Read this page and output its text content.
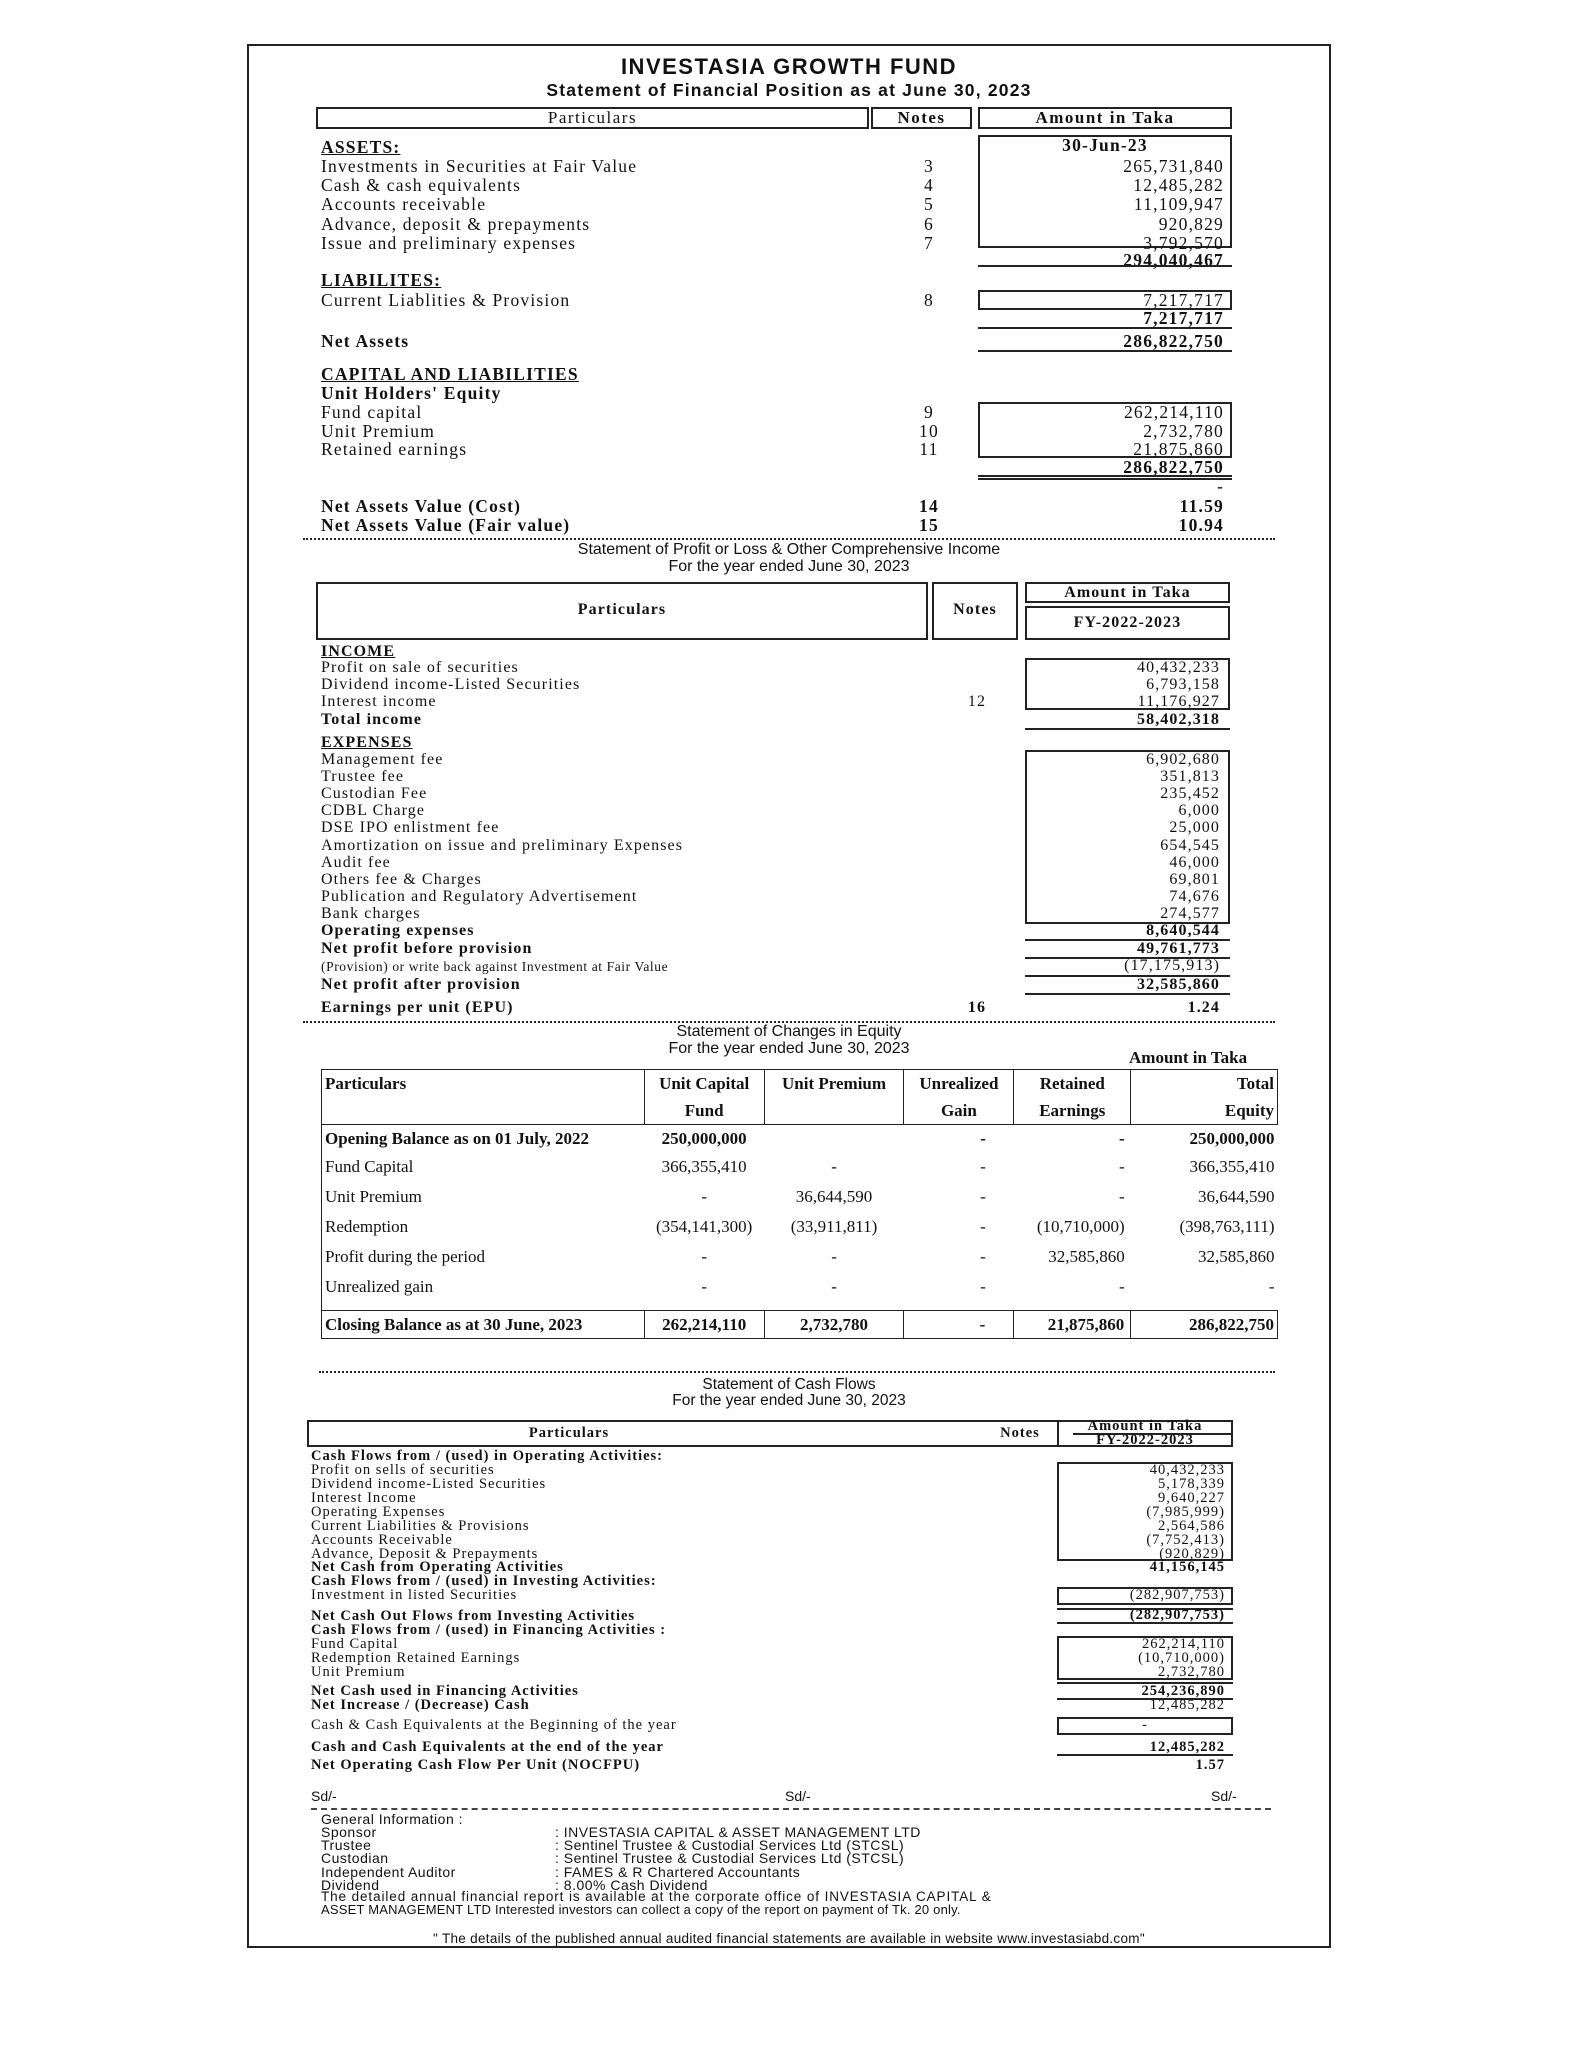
INVESTASIA GROWTH FUND
Statement of Financial Position as at June 30, 2023
Particulars	Notes	Amount in Taka
30-Jun-23
ASSETS:
Investments in Securities at Fair Value	3	265,731,840
Cash & cash equivalents	4	12,485,282
Accounts receivable	5	11,109,947
Advance, deposit & prepayments	6	920,829
Issue and preliminary expenses	7	3,792,570
294,040,467
LIABILITES:
Current Liablities & Provision	8	7,217,717
7,217,717
Net Assets	286,822,750
CAPITAL AND LIABILITIES
Unit Holders' Equity
Fund capital	9	262,214,110
Unit Premium	10	2,732,780
Retained earnings	11	21,875,860
286,822,750
-
Net Assets Value (Cost)	14	11.59
Net Assets Value (Fair value)	15	10.94
Statement of Profit or Loss & Other Comprehensive Income
For the year ended June 30, 2023
Particulars	Notes
Amount in Taka
FY-2022-2023
INCOME
Profit on sale of securities	40,432,233
Dividend income-Listed Securities	6,793,158
Interest income	12	11,176,927
Total income	58,402,318
EXPENSES
Management fee	6,902,680
Trustee fee	351,813
Custodian Fee	235,452
CDBL Charge	6,000
DSE IPO enlistment fee	25,000
Amortization on issue and preliminary Expenses	654,545
Audit fee	46,000
Others fee & Charges	69,801
Publication and Regulatory Advertisement	74,676
Bank charges	274,577
Operating expenses	8,640,544
Net profit before provision	49,761,773
(Provision) or write back against Investment at Fair Value	(17,175,913)
Net profit after provision	32,585,860
Earnings per unit (EPU)	16	1.24
Statement of Changes in Equity
For the year ended June 30, 2023	Amount in Taka
Particulars	Unit Capital	Unit Premium	Unrealized	Retained	Total
	Fund		Gain	Earnings	Equity
Opening Balance as on 01 July, 2022	250,000,000		-	-	250,000,000
Fund Capital	366,355,410	-	-	-	366,355,410
Unit Premium	-	36,644,590	-	-	36,644,590
Redemption	(354,141,300)	(33,911,811)	-	(10,710,000)	(398,763,111)
Profit during the period	-	-	-	32,585,860	32,585,860
Unrealized gain	-	-	-	-	-

Closing Balance as at 30 June, 2023	262,214,110	2,732,780	-	21,875,860	286,822,750
Statement of Cash Flows
For the year ended June 30, 2023
Particulars	Notes	Amount in Taka
FY-2022-2023
Cash Flows from / (used) in Operating Activities:
Profit on sells of securities	40,432,233
Dividend income-Listed Securities	5,178,339
Interest Income	9,640,227
Operating Expenses	(7,985,999)
Current Liabilities & Provisions	2,564,586
Accounts Receivable	(7,752,413)
Advance, Deposit & Prepayments	(920,829)
Net Cash from Operating Activities	41,156,145
Cash Flows from / (used) in Investing Activities:
Investment in listed Securities	(282,907,753)
Net Cash Out Flows from Investing Activities	(282,907,753)
Cash Flows from / (used) in Financing Activities :
Fund Capital	262,214,110
Redemption Retained Earnings	(10,710,000)
Unit Premium	2,732,780
Net Cash used in Financing Activities	254,236,890
Net Increase / (Decrease) Cash	12,485,282
Cash & Cash Equivalents at the Beginning of the year	-
Cash and Cash Equivalents at the end of the year	12,485,282
Net Operating Cash Flow Per Unit (NOCFPU)	1.57
Sd/-	Sd/-	Sd/-
General Information :
Sponsor	: INVESTASIA CAPITAL & ASSET MANAGEMENT LTD
Trustee	: Sentinel Trustee & Custodial Services Ltd (STCSL)
Custodian	: Sentinel Trustee & Custodial Services Ltd (STCSL)
Independent Auditor	: FAMES & R Chartered Accountants
Dividend	: 8.00% Cash Dividend
The detailed annual financial report is available at the corporate office of INVESTASIA CAPITAL &
ASSET MANAGEMENT LTD Interested investors can collect a copy of the report on payment of Tk. 20 only.
" The details of the published annual audited financial statements are available in website www.investasiabd.com"
